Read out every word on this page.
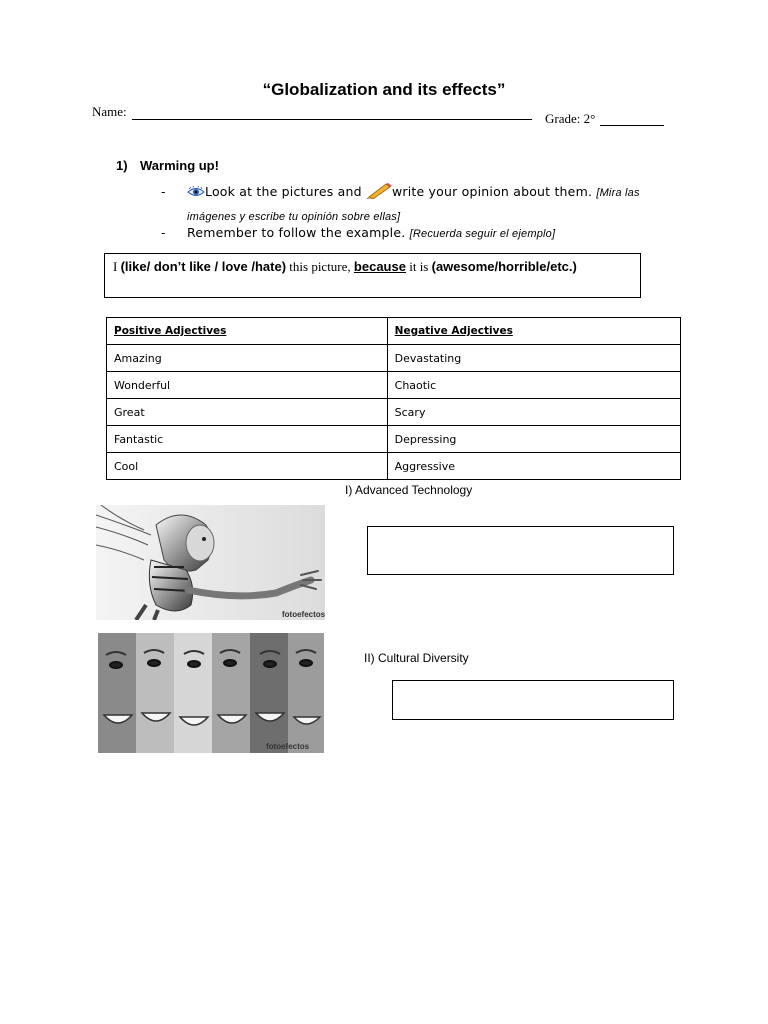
“Globalization and its effects”
Name:	Grade: 2°
1) Warming up!
-	Look at the pictures and write your opinion about them. [Mira las imágenes y escribe tu opinión sobre ellas]
- Remember to follow the example. [Recuerda seguir el ejemplo]
I (like/ don’t like / love /hate) this picture, because it is (awesome/horrible/etc.)
Positive Adjectives	Negative Adjectives
Amazing	Devastating
Wonderful	Chaotic
Great	Scary
Fantastic	Depressing
Cool	Aggressive
I) Advanced Technology
fotoefectos
II) Cultural Diversity
fotoefectos
